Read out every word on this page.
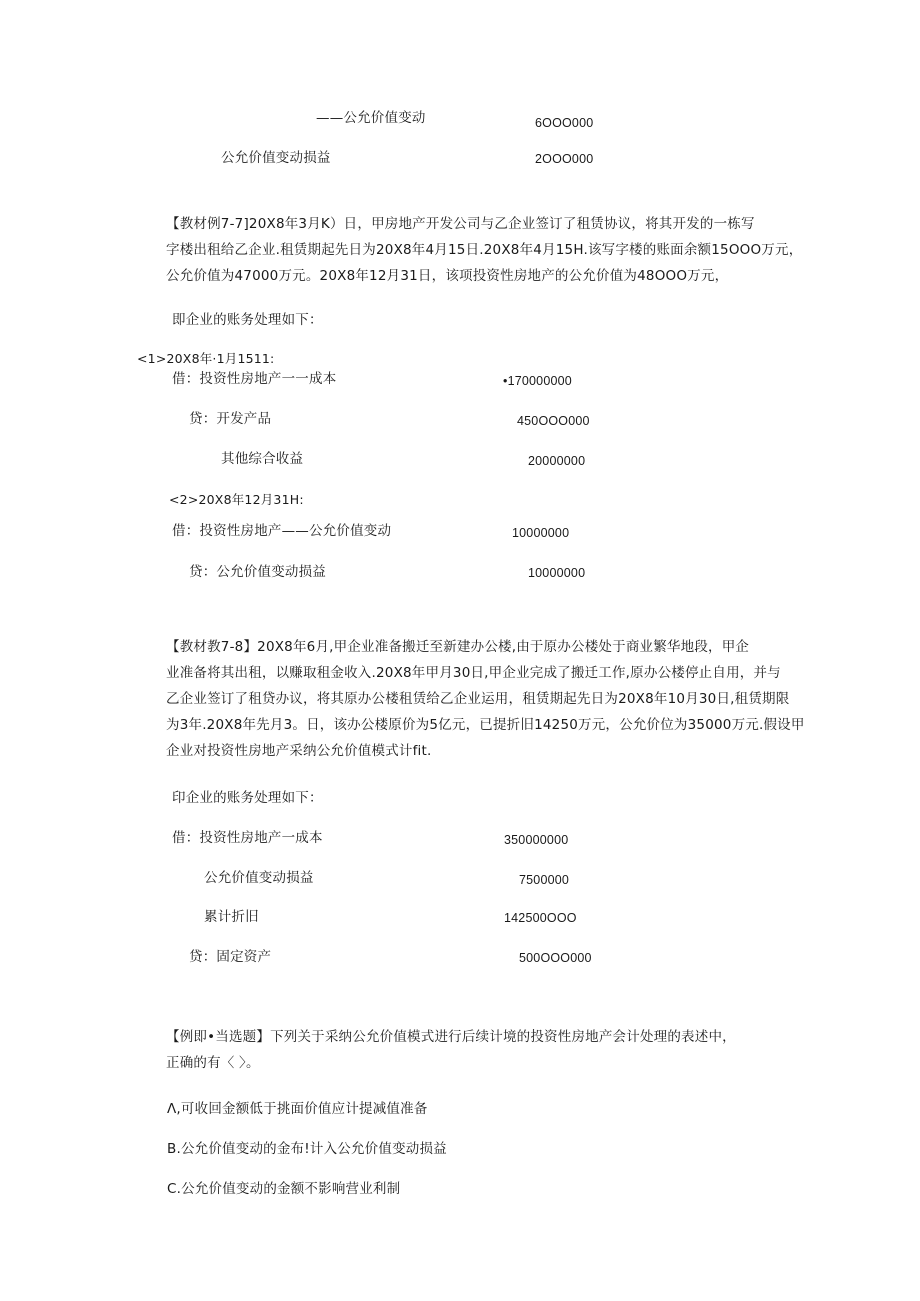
——公允价值变动	6OOO000
公允价值变动损益	2OOO000
【教材例7-7]20X8年3月K）日，甲房地产开发公司与乙企业签订了租赁协议，将其开发的一栋写
字楼出租给乙企业.租赁期起先日为20X8年4月15日.20X8年4月15H.该写字楼的账面余额15OOO万元，
公允价值为47000万元。20X8年12月31日，该项投资性房地产的公允价值为48OOO万元，
即企业的账务处理如下：
<1>20X8年·1月1511:
借：投资性房地产一一成本	•170000000
贷：开发产品	450OOO000
其他综合收益	20000000
<2>20X8年12月31H:
借：投资性房地产——公允价值变动	10000000
贷：公允价值变动损益	10000000
【教材教7-8】20X8年6月,甲企业准备搬迁至新建办公楼,由于原办公楼处于商业繁华地段，甲企
业准备将其出租，以赚取租金收入.20X8年甲月30日,甲企业完成了搬迁工作,原办公楼停止自用，并与
乙企业签订了租贷办议，将其原办公楼租赁给乙企业运用，租赁期起先日为20X8年10月30日,租赁期限
为3年.20X8年先月3。日，该办公楼原价为5亿元，已提折旧14250万元，公允价位为35000万元.假设甲
企业对投资性房地产采纳公允价值模式计fit.
印企业的账务处理如下：
借：投资性房地产一成本	350000000
公允价值变动损益	7500000
累计折旧	142500OOO
贷：固定资产	500OOO000
【例即•当选题】下列关于采纳公允价值模式进行后续计境的投资性房地产会计处理的表述中，
正确的有〈 〉。
Λ,可收回金额低于挑面价值应计提减值准备
B.公允价值变动的金布!计入公允价值变动损益
C.公允价值变动的金额不影响营业利制
